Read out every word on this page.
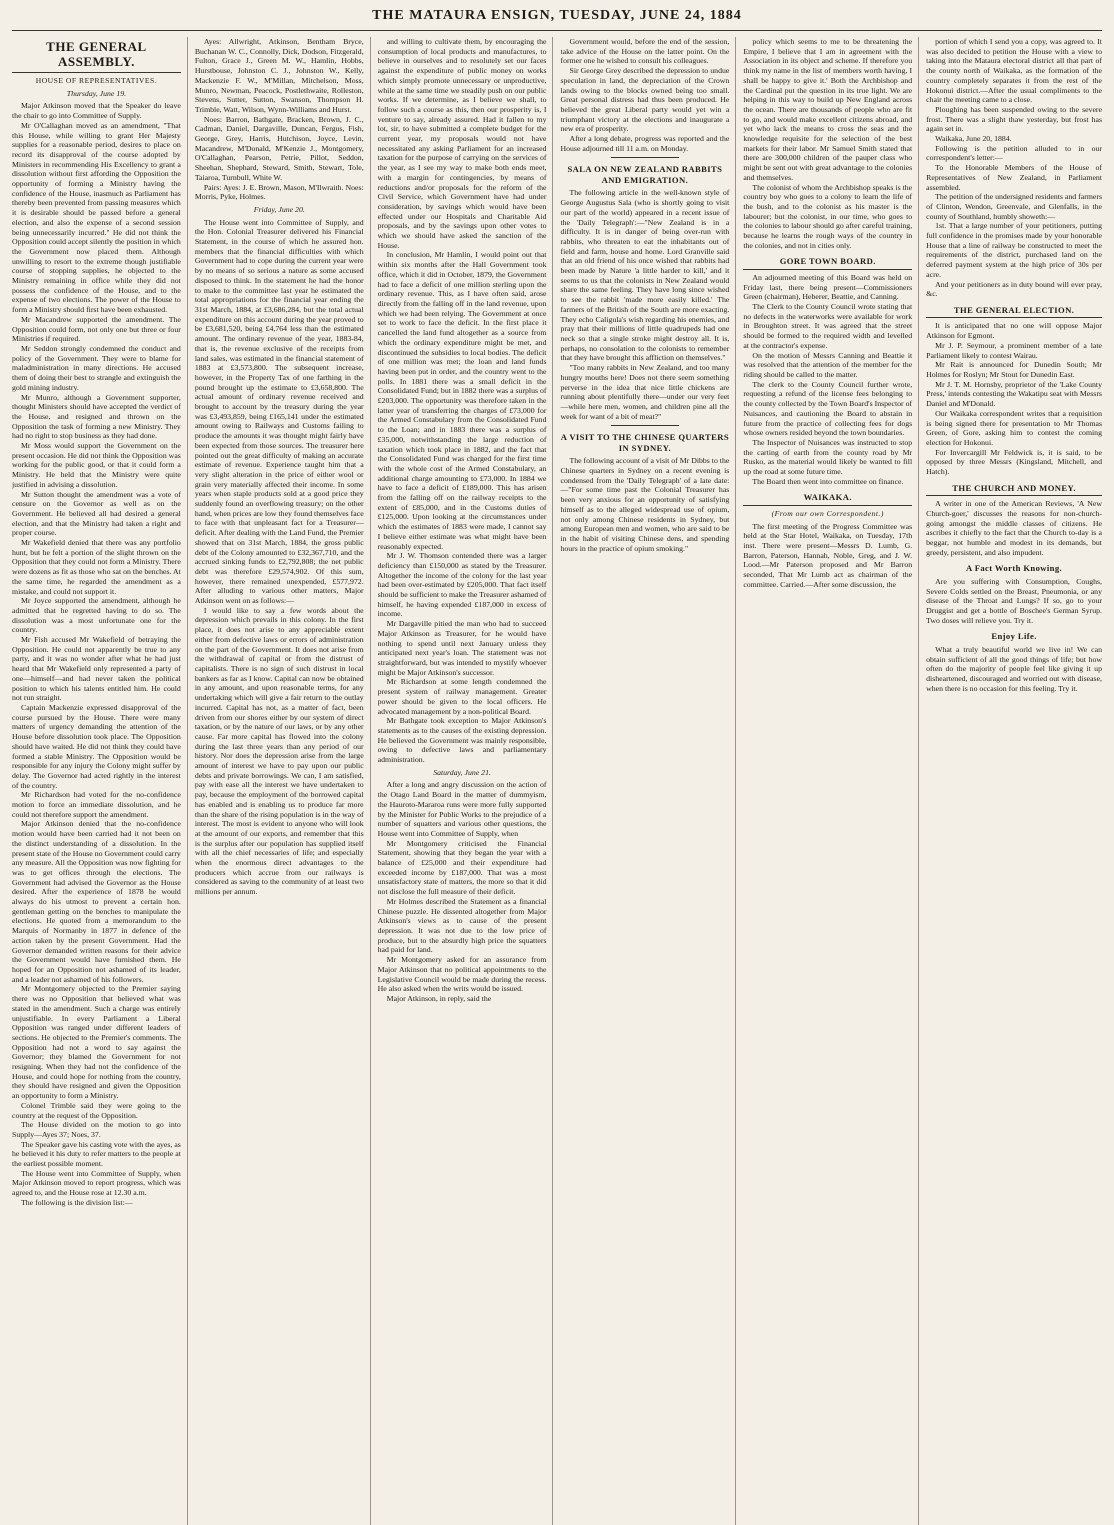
THE MATAURA ENSIGN, TUESDAY, JUNE 24, 1884
THE GENERAL ASSEMBLY.
HOUSE OF REPRESENTATIVES.
Thursday, June 19.

Major Atkinson moved that the Speaker do leave the chair to go into Committee of Supply.

Mr O'Callaghan moved as an amendment, "That this House, while willing to grant Her Majesty supplies for a reasonable period, desires to place on record its disapproval of the course adopted by Ministers in recommending His Excellency to grant a dissolution without first affording the Opposition the opportunity of forming a Ministry having the confidence of the House, inasmuch as Parliament has thereby been prevented from passing measures which it is desirable should be passed before a general election, and also the expense of a second session being unnecessarily incurred." He did not think the Opposition could accept silently the position in which the Government now placed them. Although unwilling to resort to the extreme though justifiable course of stopping supplies, he objected to the Ministry remaining in office while they did not possess the confidence of the House, and to the expense of two elections. The power of the House to form a Ministry should first have been exhausted.

Mr Macandrew supported the amendment. The Opposition could form, not only one but three or four Ministries if required.

Mr Seddon strongly condemned the conduct and policy of the Government. They were to blame for maladministration in many directions. He accused them of doing their best to strangle and extinguish the gold mining industry.

Mr Munro, although a Government supporter, thought Ministers should have accepted the verdict of the House, and resigned and thrown on the Opposition the task of forming a new Ministry. They had no right to stop business as they had done.

Mr Moss would support the Government on the present occasion. He did not think the Opposition was working for the public good, or that it could form a Ministry. He held that the Ministry were quite justified in advising a dissolution.

Mr Sutton thought the amendment was a vote of censure on the Governor as well as on the Government. He believed all had desired a general election, and that the Ministry had taken a right and proper course.

Mr Wakefield denied that there was any portfolio hunt, but he felt a portion of the slight thrown on the Opposition that they could not form a Ministry. There were dozens as fit as those who sat on the benches. At the same time, he regarded the amendment as a mistake, and could not support it.

Mr Joyce supported the amendment, although he admitted that he regretted having to do so. The dissolution was a most unfortunate one for the country.

Mr Fish accused Mr Wakefield of betraying the Opposition. He could not apparently be true to any party, and it was no wonder after what he had just heard that Mr Wakefield only represented a party of one—himself—and had never taken the political position to which his talents entitled him. He could not run straight.

Captain Mackenzie expressed disapproval of the course pursued by the House. There were many matters of urgency demanding the attention of the House before dissolution took place. The Opposition should have waited. He did not think they could have formed a stable Ministry. The Opposition would be responsible for any injury the Colony might suffer by delay. The Governor had acted rightly in the interest of the country.

Mr Richardson had voted for the no-confidence motion to force an immediate dissolution, and he could not therefore support the amendment.

Major Atkinson denied that the no-confidence motion would have been carried had it not been on the distinct understanding of a dissolution. In the present state of the House no Government could carry any measure. All the Opposition was now fighting for was to get offices through the elections. The Government had advised the Governor as the House desired. After the experience of 1878 he would always do his utmost to prevent a certain hon. gentleman getting on the benches to manipulate the elections. He quoted from a memorandum to the Marquis of Normanby in 1877 in defence of the action taken by the present Government. Had the Governor demanded written reasons for their advice the Government would have furnished them. He hoped for an Opposition not ashamed of its leader, and a leader not ashamed of his followers.

Mr Montgomery objected to the Premier saying there was no Opposition that believed what was stated in the amendment. Such a charge was entirely unjustifiable. In every Parliament a Liberal Opposition was ranged under different leaders of sections. He objected to the Premier's comments. The Opposition had not a word to say against the Governor; they blamed the Government for not resigning. When they had not the confidence of the House, and could hope for nothing from the country, they should have resigned and given the Opposition an opportunity to form a Ministry.

Colonel Trimble said they were going to the country at the request of the Opposition.

The House divided on the motion to go into Supply—Ayes 37; Noes, 37.

The Speaker gave his casting vote with the ayes, as he believed it his duty to refer matters to the people at the earliest possible moment.

The House went into Committee of Supply, when Major Atkinson moved to report progress, which was agreed to, and the House rose at 12.30 a.m.

The following is the division list:—

Ayes: Allwright, Atkinson, Bentham Bryce, Buchanan W. C., Connolly, Dick, Dodson, Fitzgerald, Fulton, Grace J., Green M. W., Hamlin, Hobbs, Hurstbouse, Johnston C. J., Johnston W., Kelly, Mackenzie F. W., M'Millan, Mitchelson, Moss, Munro, Newman, Peacock, Postlethwaite, Rolleston, Stevens, Sutter, Sutton, Swanson, Thompson H. Trimble, Watt, Wilson, Wynn-Williams and Hurst.

Noes: Barron, Bathgate, Bracken, Brown, J. C., Cadman, Daniel, Dargaville, Duncan, Fergus, Fish, George, Grey, Harris, Hutchison, Joyce, Levin, Macandrew, M'Donald, M'Kenzie J., Montgomery, O'Callaghan, Pearson, Petrie, Pillot, Seddon, Sheehan, Shephard, Steward, Smith, Stewart, Tole, Taiaroa, Turnbull, White W.

Pairs: Ayes: J. E. Brown, Mason, M'Ilwraith. Noes: Morris, Pyke, Holmes.

Friday, June 20.

The House went into Committee of Supply, and the Hon. Colonial Treasurer delivered his Financial Statement, in the course of which he assured hon. members that the financial difficulties with which Government had to cope during the current year were by no means of so serious a nature as some accused disposed to think. In the statement he had the honor to make to the committee last year he estimated the total appropriations for the financial year ending the 31st March, 1884, at £3,686,284, but the total actual expenditure on this account during the year proved to be £3,681,520, being £4,764 less than the estimated amount. The ordinary revenue of the year, 1883-84, that is, the revenue exclusive of the receipts from land sales, was estimated in the financial statement of 1883 at £3,573,800. The subsequent increase, however, in the Property Tax of one farthing in the pound brought up the estimate to £3,658,800. The actual amount of ordinary revenue received and brought to account by the treasury during the year was £3,493,859, being £165,141 under the estimated amount owing to Railways and Customs failing to produce the amounts it was thought might fairly have been expected from those sources. The treasurer here pointed out the great difficulty of making an accurate estimate of revenue. Experience taught him that a very slight alteration in the price of either wool or grain very materially affected their income. In some years when staple products sold at a good price they suddenly found an overflowing treasury; on the other hand, when prices are low they found themselves face to face with that unpleasant fact for a Treasurer—deficit. After dealing with the Land Fund, the Premier showed that on 31st March, 1884, the gross public debt of the Colony amounted to £32,367,710, and the accrued sinking funds to £2,792,808; the net public debt was therefore £29,574,902. Of this sum, however, there remained unexpended, £577,972. After alluding to various other matters, Major Atkinson went on as follows:—

I would like to say a few words about the depression which prevails in this colony. In the first place, it does not arise to any appreciable extent either from defective laws or errors of administration on the part of the Government. It does not arise from the withdrawal of capital or from the distrust of capitalists. There is no sign of such distrust in local bankers as far as I know. Capital can now be obtained in any amount, and upon reasonable terms, for any undertaking which will give a fair return to the outlay incurred. Capital has not, as a matter of fact, been driven from our shores either by our system of direct taxation, or by the nature of our laws, or by any other cause. Far more capital has flowed into the colony during the last three years than any period of our history. Nor does the depression arise from the large amount of interest we have to pay upon our public debts and private borrowings. We can, I am satisfied, pay with ease all the interest we have undertaken to pay, because the employment of the borrowed capital has enabled and is enabling us to produce far more than the share of the rising population is in the way of interest. The most is evident to anyone who will look at the amount of our exports, and remember that this is the surplus after our population has supplied itself with all the chief necessaries of life; and especially when the enormous direct advantages to the producers which accrue from our railways is considered as saving to the community of at least two millions per annum.

and willing to cultivate them, by encouraging the consumption of local products and manufactures, to believe in ourselves and to resolutely set our faces against the expenditure of public money on works which simply promote unnecessary or unproductive, while at the same time we steadily push on our public works. If we determine, as I believe we shall, to follow such a course as this, then our prosperity is, I venture to say, already assured. Had it fallen to my lot, sir, to have submitted a complete budget for the current year, my proposals would not have necessitated any asking Parliament for an increased taxation for the purpose of carrying on the services of the year, as I see my way to make both ends meet, with a margin for contingencies, by means of reductions and/or proposals for the reform of the Civil Service, which Government have had under consideration, by savings which would have been effected under our Hospitals and Charitable Aid proposals, and by the savings upon other votes to which we should have asked the sanction of the House.

In conclusion, Mr Hamlin, I would point out that within six months after the Hall Government took office, which it did in October, 1879, the Government had to face a deficit of one million sterling upon the ordinary revenue. This, as I have often said, arose directly from the falling off in the land revenue, upon which we had been relying. The Government at once set to work to face the deficit. In the first place it cancelled the land fund altogether as a source from which the ordinary expenditure might be met, and discontinued the subsidies to local bodies. The deficit of one million was met; the loan and land funds having been put in order, and the country went to the polls. In 1881 there was a small deficit in the Consolidated Fund; but in 1882 there was a surplus of £203,000. The opportunity was therefore taken in the latter year of transferring the charges of £73,000 for the Armed Constabulary from the Consolidated Fund to the Loan; and in 1883 there was a surplus of £35,000, notwithstanding the large reduction of taxation which took place in 1882, and the fact that the Consolidated Fund was charged for the first time with the whole cost of the Armed Constabulary, an additional charge amounting to £73,000. In 1884 we have to face a deficit of £189,000. This has arisen from the falling off on the railway receipts to the extent of £85,000, and in the Customs duties of £125,000. Upon looking at the circumstances under which the estimates of 1883 were made, I cannot say I believe either estimate was what might have been reasonably expected.

Mr J. W. Thomson contended there was a larger deficiency than £150,000 as stated by the Treasurer. Altogether the income of the colony for the last year had been over-estimated by £205,000. That fact itself should be sufficient to make the Treasurer ashamed of himself, he having expended £187,000 in excess of income.

Mr Dargaville pitied the man who had to succeed Major Atkinson as Treasurer, for he would have nothing to spend until next January unless they anticipated next year's loan. The statement was not straightforward, but was intended to mystify whoever might be Major Atkinson's successor.

Mr Richardson at some length condemned the present system of railway management. Greater power should be given to the local officers. He advocated management by a non-political Board.

Mr Bathgate took exception to Major Atkinson's statements as to the causes of the existing depression. He believed the Government was mainly responsible, owing to defective laws and parliamentary administration.

Saturday, June 21.

After a long and angry discussion on the action of the Otago Land Board in the matter of dummyism, the Hauroto-Mararoa runs were more fully supported by the Minister for Public Works to the prejudice of a number of squatters and various other questions, the House went into Committee of Supply, when

Mr Montgomery criticised the Financial Statement, showing that they began the year with a balance of £25,000 and their expenditure had exceeded income by £187,000. That was a most unsatisfactory state of matters, the more so that it did not disclose the full measure of their deficit.

Mr Holmes described the Statement as a financial Chinese puzzle. He dissented altogether from Major Atkinson's views as to cause of the present depression. It was not due to the low price of produce, but to the absurdly high price the squatters had paid for land.

Mr Montgomery asked for an assurance from Major Atkinson that no political appointments to the Legislative Council would be made during the recess. He also asked when the writs would be issued.

Major Atkinson, in reply, said the

Government would, before the end of the session, take advice of the House on the latter point. On the former one he wished to consult his colleagues.

Sir George Grey described the depression to undue speculation in land, the depreciation of the Crown lands owing to the blocks owned being too small. Great personal distress had thus been produced. He believed the great Liberal party would yet win a triumphant victory at the elections and inaugurate a new era of prosperity.

After a long debate, progress was reported and the House adjourned till 11 a.m. on Monday.

SALA ON NEW ZEALAND RABBITS AND EMIGRATION.

The following article in the well-known style of George Augustus Sala (who is shortly going to visit our part of the world) appeared in a recent issue of the 'Daily Telegraph':—"New Zealand is in a difficulty. It is in danger of being over-run with rabbits, who threaten to eat the inhabitants out of field and farm, house and home. Lord Granville said that an old friend of his once wished that rabbits had been made by Nature 'a little harder to kill,' and it seems to us that the colonists in New Zealand would share the same feeling. They have long since wished to see the rabbit 'made more easily killed.' The farmers of the British of the South are more exacting. They echo Caligula's wish regarding his enemies, and pray that their millions of little quadrupeds had one neck so that a single stroke might destroy all. It is, perhaps, no consolation to the colonists to remember that they have brought this affliction on themselves."

"Too many rabbits in New Zealand, and too many hungry mouths here! Does not there seem something perverse in the idea that nice little chickens are running about plentifully there—under our very feet—while here men, women, and children pine all the week for want of a bit of meat?"

A VISIT TO THE CHINESE QUARTERS IN SYDNEY.

The following account of a visit of Mr Dibbs to the Chinese quarters in Sydney on a recent evening is condensed from the 'Daily Telegraph' of a late date:—"For some time past the Colonial Treasurer has been very anxious for an opportunity of satisfying himself as to the alleged widespread use of opium, not only among Chinese residents in Sydney, but among European men and women, who are said to be in the habit of visiting Chinese dens, and spending hours in the practice of opium smoking."

policy which seems to me to be threatening the Empire, I believe that I am in agreement with the Association in its object and scheme. If therefore you think my name in the list of members worth having, I shall be happy to give it.' Both the Archbishop and the Cardinal put the question in its true light. We are helping in this way to build up New England across the ocean. There are thousands of people who are fit to go, and would make excellent citizens abroad, and yet who lack the means to cross the seas and the knowledge requisite for the selection of the best markets for their labor. Mr Samuel Smith stated that there are 300,000 children of the pauper class who might be sent out with great advantage to the colonies and themselves.

The colonist of whom the Archbishop speaks is the country boy who goes to a colony to learn the life of the bush, and to the colonist as his master is the labourer; but the colonist, in our time, who goes to the colonies to labour should go after careful training, because he learns the rough ways of the country in the colonies, and not in cities only.

GORE TOWN BOARD.

An adjourned meeting of this Board was held on Friday last, there being present—Commissioners Green (chairman), Heberer, Beattie, and Canning.

The Clerk to the County Council wrote stating that no defects in the waterworks were available for work in Broughton street. It was agreed that the street should be formed to the required width and levelled at the contractor's expense.

On the motion of Messrs Canning and Beattie it was resolved that the attention of the member for the riding should be called to the matter.

The clerk to the County Council further wrote, requesting a refund of the license fees belonging to the county collected by the Town Board's Inspector of Nuisances, and cautioning the Board to abstain in future from the practice of collecting fees for dogs whose owners resided beyond the town boundaries.

The Inspector of Nuisances was instructed to stop the carting of earth from the county road by Mr Rusko, as the material would likely be wanted to fill up the road at some future time.

The Board then went into committee on finance.

WAIKAKA.
(From our own Correspondent.)

The first meeting of the Progress Committee was held at the Star Hotel, Waikaka, on Tuesday, 17th inst. There were present—Messrs D. Lumb, G. Barron, Paterson, Hannah, Noble, Greg, and J. W. Lood.—Mr Paterson proposed and Mr Barron seconded, That Mr Lumb act as chairman of the committee. Carried.—After some discussion, the

portion of which I send you a copy, was agreed to. It was also decided to petition the House with a view to taking into the Mataura electoral district all that part of the county north of Waikaka, as the formation of the country completely separates it from the rest of the Hokonui district.—After the usual compliments to the chair the meeting came to a close.

Ploughing has been suspended owing to the severe frost. There was a slight thaw yesterday, but frost has again set in.

Waikaka, June 20, 1884.

Following is the petition alluded to in our correspondent's letter:—

To the Honorable Members of the House of Representatives of New Zealand, in Parliament assembled.

The petition of the undersigned residents and farmers of Clinton, Wendon, Greenvale, and Glenfalls, in the county of Southland, humbly showeth:—

1st. That a large number of your petitioners, putting full confidence in the promises made by your honorable House that a line of railway be constructed to meet the requirements of the district, purchased land on the deferred payment system at the high price of 30s per acre.

And your petitioners as in duty bound will ever pray, &c.

THE GENERAL ELECTION.

It is anticipated that no one will oppose Major Atkinson for Egmont.

Mr J. P. Seymour, a prominent member of a late Parliament likely to contest Wairau.

Mr Rait is announced for Dunedin South; Mr Holmes for Roslyn; Mr Stout for Dunedin East.

Mr J. T. M. Hornsby, proprietor of the 'Lake County Press,' intends contesting the Wakatipu seat with Messrs Daniel and M'Donald.

Our Waikaka correspondent writes that a requisition is being signed there for presentation to Mr Thomas Green, of Gore, asking him to contest the coming election for Hokonui.

For Invercargill Mr Feldwick is, it is said, to be opposed by three Messrs (Kingsland, Mitchell, and Hatch).

THE CHURCH AND MONEY.

A writer in one of the American Reviews, 'A New Church-goer,' discusses the reasons for non-church-going amongst the middle classes of citizens. He ascribes it chiefly to the fact that the Church to-day is a beggar, not humble and modest in its demands, but greedy, persistent, and also impudent.

A Fact Worth Knowing.

Are you suffering with Consumption, Coughs, Severe Colds settled on the Breast, Pneumonia, or any disease of the Throat and Lungs? If so, go to your Druggist and get a bottle of Boschee's German Syrup. Two doses will relieve you. Try it.

Enjoy Life.

What a truly beautiful world we live in! We can obtain sufficient of all the good things of life; but how often do the majority of people feel like giving it up disheartened, discouraged and worried out with disease, when there is no occasion for this feeling. Try it.
